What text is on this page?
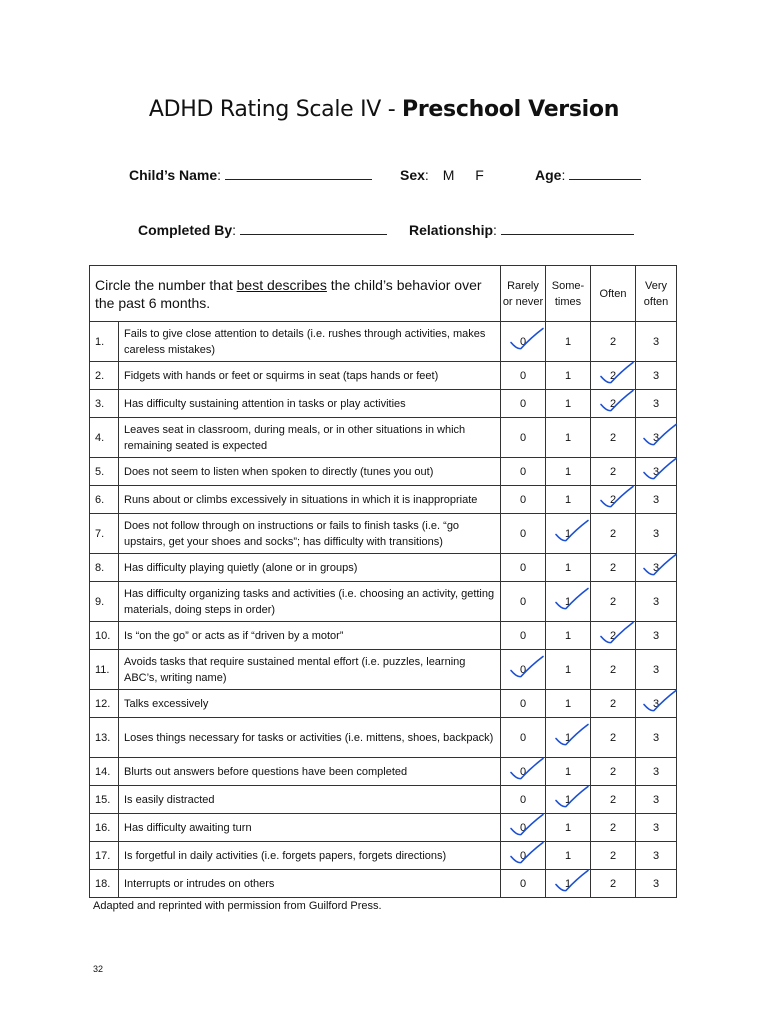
ADHD Rating Scale IV - Preschool Version
Child’s Name:	Sex: M F	Age:
Completed By:	Relationship:
Circle the number that best describes the child’s behavior over the past 6 months.		Rarely or never	Some-times	Often	Very often
1.	Fails to give close attention to details (i.e. rushes through activities, makes careless mistakes)	0	1	2	3
2.	Fidgets with hands or feet or squirms in seat (taps hands or feet)	0	1	2	3
3.	Has difficulty sustaining attention in tasks or play activities	0	1	2	3
4.	Leaves seat in classroom, during meals, or in other situations in which remaining seated is expected	0	1	2	3
5.	Does not seem to listen when spoken to directly (tunes you out)	0	1	2	3
6.	Runs about or climbs excessively in situations in which it is inappropriate	0	1	2	3
7.	Does not follow through on instructions or fails to finish tasks (i.e. “go upstairs, get your shoes and socks”; has difficulty with transitions)	0	1	2	3
8.	Has difficulty playing quietly (alone or in groups)	0	1	2	3
9.	Has difficulty organizing tasks and activities (i.e. choosing an activity, getting materials, doing steps in order)	0	1	2	3
10.	Is “on the go” or acts as if “driven by a motor”	0	1	2	3
11.	Avoids tasks that require sustained mental effort (i.e. puzzles, learning ABC’s, writing name)	0	1	2	3
12.	Talks excessively	0	1	2	3
13.	Loses things necessary for tasks or activities (i.e. mittens, shoes, backpack)	0	1	2	3
14.	Blurts out answers before questions have been completed	0	1	2	3
15.	Is easily distracted	0	1	2	3
16.	Has difficulty awaiting turn	0	1	2	3
17.	Is forgetful in daily activities (i.e. forgets papers, forgets directions)	0	1	2	3
18.	Interrupts or intrudes on others	0	1	2	3
Adapted and reprinted with permission from Guilford Press.
32
